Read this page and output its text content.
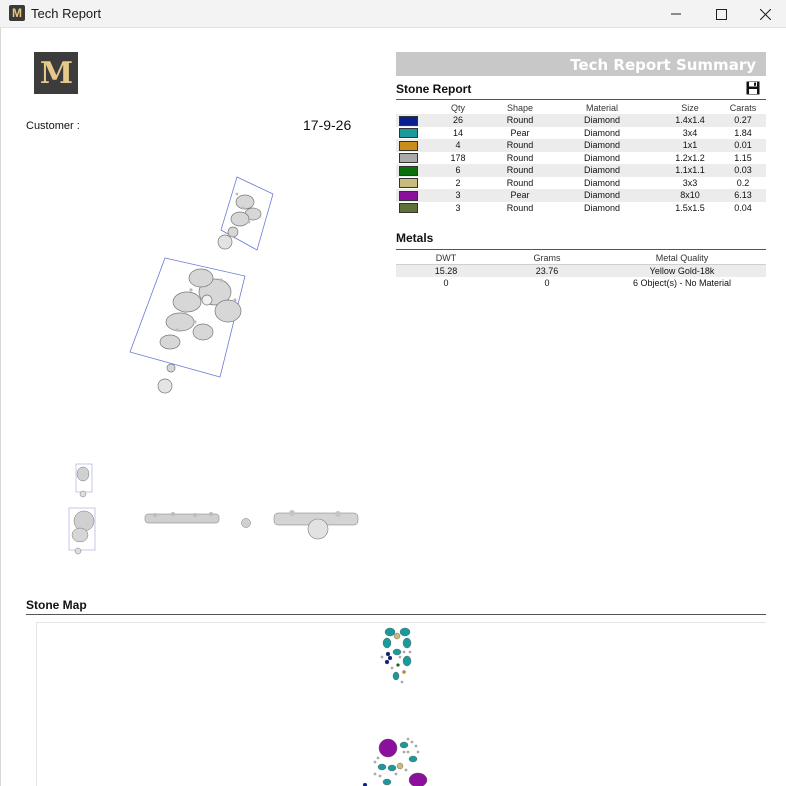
M Tech Report
M
Customer :	17-9-26
Tech Report Summary
Stone Report
	Qty	Shape	Material	Size	Carats
	26	Round	Diamond	1.4x1.4	0.27
	14	Pear	Diamond	3x4	1.84
	4	Round	Diamond	1x1	0.01
	178	Round	Diamond	1.2x1.2	1.15
	6	Round	Diamond	1.1x1.1	0.03
	2	Round	Diamond	3x3	0.2
	3	Pear	Diamond	8x10	6.13
	3	Round	Diamond	1.5x1.5	0.04
Metals
DWT	Grams	Metal Quality
15.28	23.76	Yellow Gold-18k
0	0	6 Object(s) - No Material
Stone Map
